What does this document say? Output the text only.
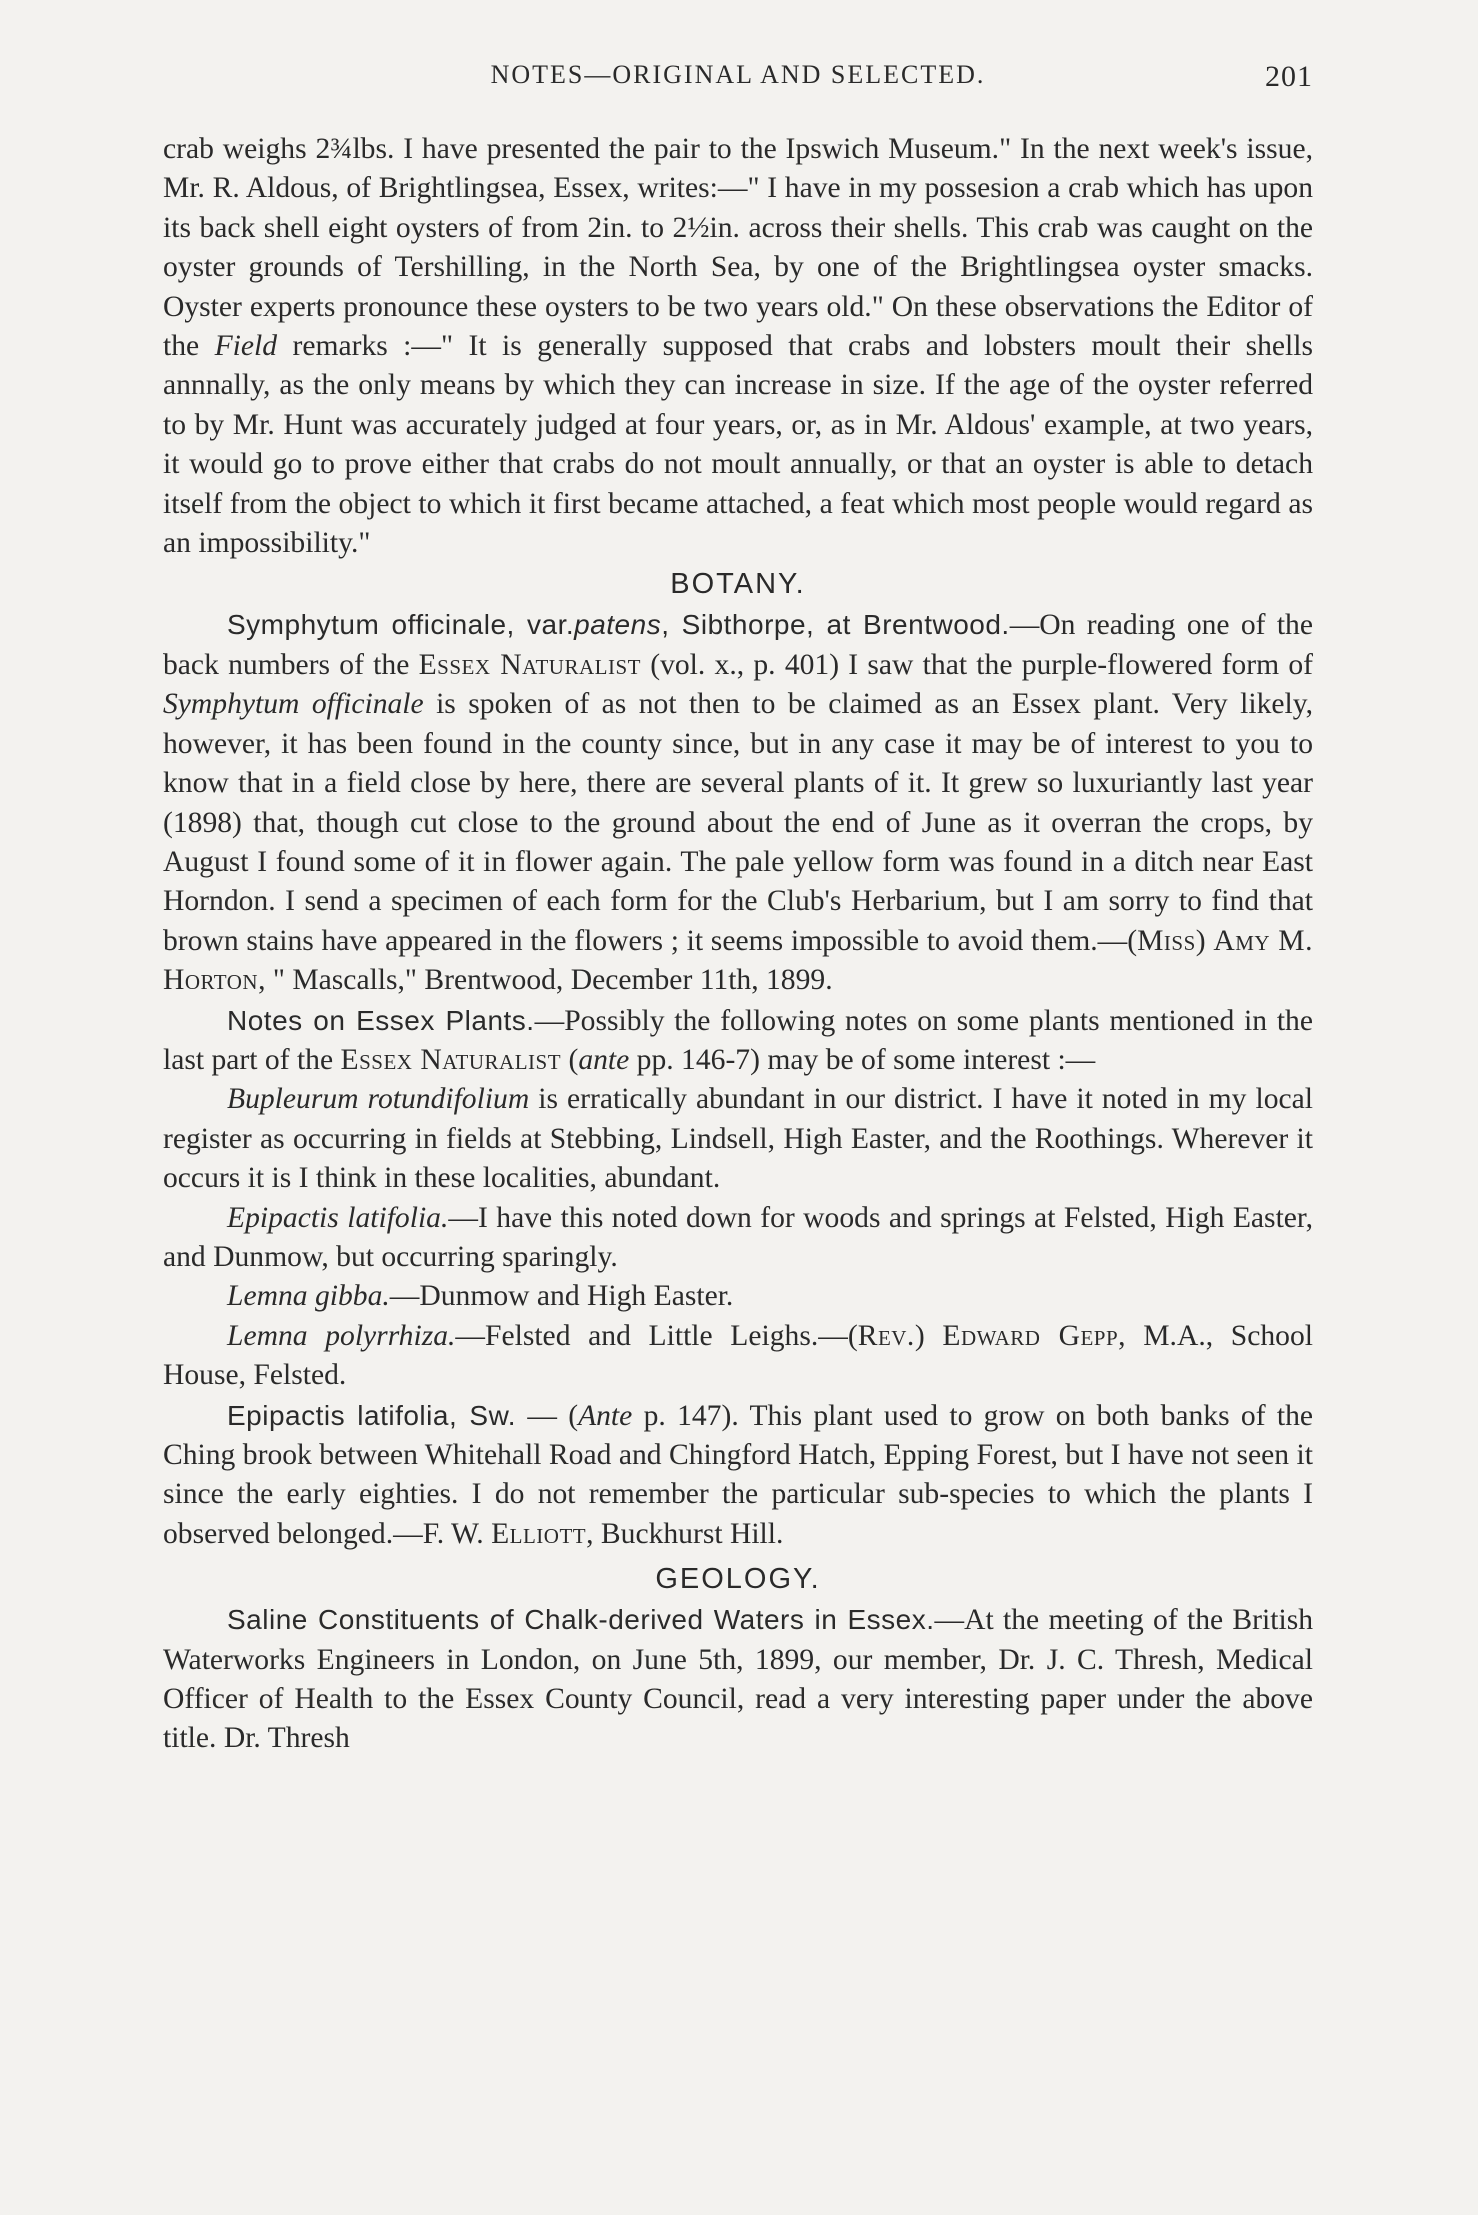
NOTES—ORIGINAL AND SELECTED.	201

crab weighs 2¾lbs. I have presented the pair to the Ipswich Museum." In the next week's issue, Mr. R. Aldous, of Brightlingsea, Essex, writes:—" I have in my possesion a crab which has upon its back shell eight oysters of from 2in. to 2½in. across their shells. This crab was caught on the oyster grounds of Tershilling, in the North Sea, by one of the Brightlingsea oyster smacks. Oyster experts pronounce these oysters to be two years old." On these observations the Editor of the Field remarks :—" It is generally supposed that crabs and lobsters moult their shells annnally, as the only means by which they can increase in size. If the age of the oyster referred to by Mr. Hunt was accurately judged at four years, or, as in Mr. Aldous' example, at two years, it would go to prove either that crabs do not moult annually, or that an oyster is able to detach itself from the object to which it first became attached, a feat which most people would regard as an impossibility."

BOTANY.

Symphytum officinale, var.patens, Sibthorpe, at Brentwood.—On reading one of the back numbers of the Essex Naturalist (vol. x., p. 401) I saw that the purple-flowered form of Symphytum officinale is spoken of as not then to be claimed as an Essex plant. Very likely, however, it has been found in the county since, but in any case it may be of interest to you to know that in a field close by here, there are several plants of it. It grew so luxuriantly last year (1898) that, though cut close to the ground about the end of June as it overran the crops, by August I found some of it in flower again. The pale yellow form was found in a ditch near East Horndon. I send a specimen of each form for the Club's Herbarium, but I am sorry to find that brown stains have appeared in the flowers ; it seems impossible to avoid them.—(Miss) Amy M. Horton, " Mascalls," Brentwood, December 11th, 1899.

Notes on Essex Plants.—Possibly the following notes on some plants mentioned in the last part of the Essex Naturalist (ante pp. 146-7) may be of some interest :—

Bupleurum rotundifolium is erratically abundant in our district. I have it noted in my local register as occurring in fields at Stebbing, Lindsell, High Easter, and the Roothings. Wherever it occurs it is I think in these localities, abundant.

Epipactis latifolia.—I have this noted down for woods and springs at Felsted, High Easter, and Dunmow, but occurring sparingly.

Lemna gibba.—Dunmow and High Easter.

Lemna polyrrhiza.—Felsted and Little Leighs.—(Rev.) Edward Gepp, M.A., School House, Felsted.

Epipactis latifolia, Sw. — (Ante p. 147). This plant used to grow on both banks of the Ching brook between Whitehall Road and Chingford Hatch, Epping Forest, but I have not seen it since the early eighties. I do not remember the particular sub-species to which the plants I observed belonged.—F. W. Elliott, Buckhurst Hill.

GEOLOGY.

Saline Constituents of Chalk-derived Waters in Essex.—At the meeting of the British Waterworks Engineers in London, on June 5th, 1899, our member, Dr. J. C. Thresh, Medical Officer of Health to the Essex County Council, read a very interesting paper under the above title. Dr. Thresh
